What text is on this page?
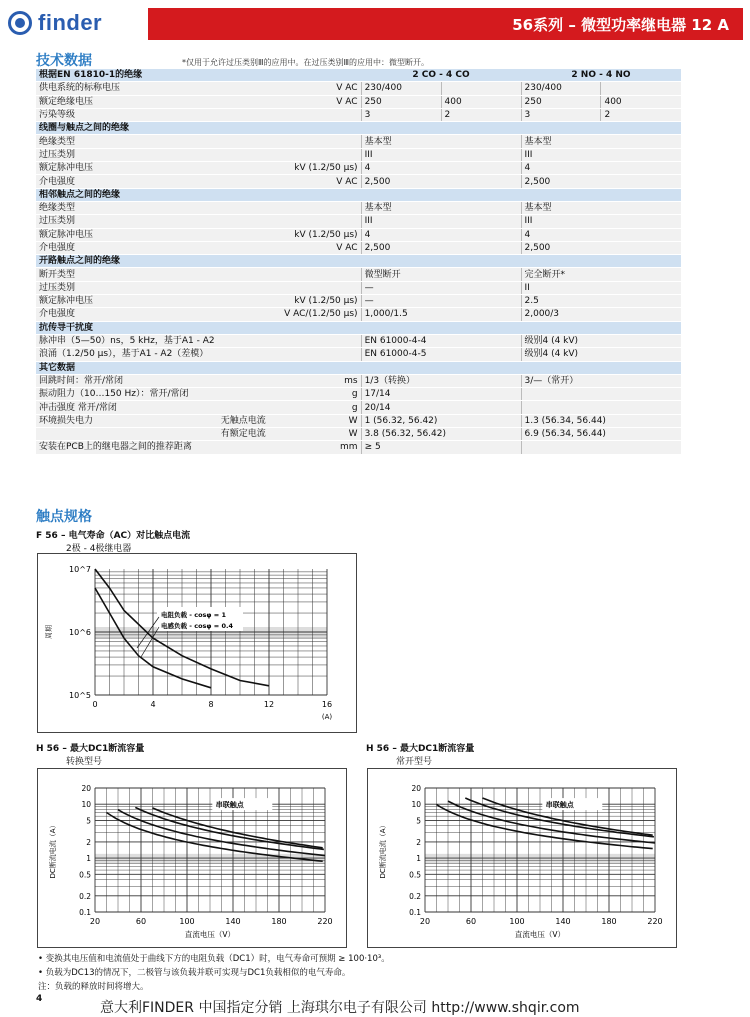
finder	56系列 – 微型功率继电器 12 A
技术数据	*仅用于允许过压类别Ⅲ的应用中。在过压类别Ⅲ的应用中：微型断开。
根据EN 61810-1的绝缘			2 CO - 4 CO		2 NO - 4 NO	
供电系统的标称电压		V AC	230/400		230/400	
额定绝缘电压		V AC	250	400	250	400
污染等级			3	2	3	2
线圈与触点之间的绝缘						
绝缘类型			基本型		基本型	
过压类别			III		III	
额定脉冲电压		kV (1.2/50 μs)	4		4	
介电强度		V AC	2,500		2,500	
相邻触点之间的绝缘						
绝缘类型			基本型		基本型	
过压类别			III		III	
额定脉冲电压		kV (1.2/50 μs)	4		4	
介电强度		V AC	2,500		2,500	
开路触点之间的绝缘						
断开类型			微型断开		完全断开*	
过压类别			—		II	
额定脉冲电压		kV (1.2/50 μs)	—		2.5	
介电强度		V AC/(1.2/50 μs)	1,000/1.5		2,000/3	
抗传导干扰度						
脉冲串（5—50）ns，5 kHz，基于A1 - A2			EN 61000-4-4		级别4 (4 kV)	
浪涌（1.2/50 μs），基于A1 - A2（差模）			EN 61000-4-5		级别4 (4 kV)	
其它数据						
回跳时间：常开/常闭		ms	1/3（转换）		3/—（常开）	
振动阻力（10…150 Hz）：常开/常闭		g	17/14			
冲击强度 常开/常闭		g	20/14			
环境损失电力	无触点电流	W	1 (56.32, 56.42)		1.3 (56.34, 56.44)	
	有额定电流	W	3.8 (56.32, 56.42)		6.9 (56.34, 56.44)	
安装在PCB上的继电器之间的推荐距离		mm	≥ 5			
触点规格
F 56 – 电气寿命（AC）对比触点电流
2极 - 4极继电器
0	4	8	12	16
10^5
10^6
10^7
(A)
周期
电阻负载 - cosφ = 1
电感负载 - cosφ = 0.4
H 56 – 最大DC1断流容量
转换型号
20	60	100	140	180	220
0.1
0.2
0.5
1
2
5
10
20
直流电压（V）
DC断流电流（A）
串联触点
H 56 – 最大DC1断流容量
常开型号
20	60	100	140	180	220
0.1
0.2
0.5
1
2
5
10
20
直流电压（V）
DC断流电流（A）
串联触点
• 变换其电压值和电流值处于曲线下方的电阻负载（DC1）时，电气寿命可预期 ≥ 100·10³。
• 负载为DC13的情况下，二极管与该负载并联可实现与DC1负载相似的电气寿命。
注：负载的释放时间将增大。
4
意大利FINDER 中国指定分销 上海琪尔电子有限公司 http://www.shqir.com
